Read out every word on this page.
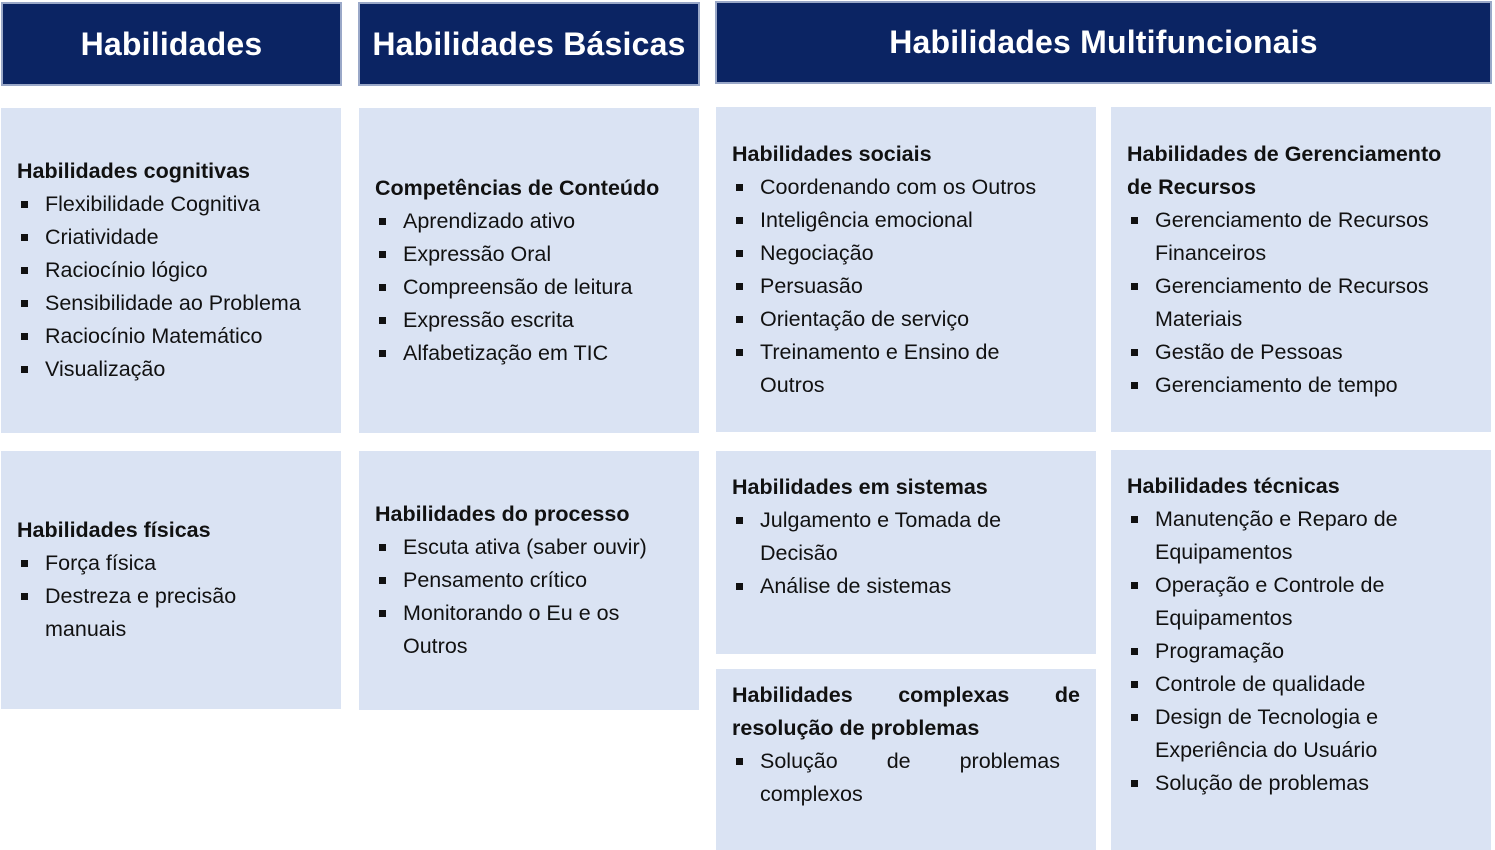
Habilidades	Habilidades Básicas	Habilidades Multifuncionais
Habilidades cognitivas
Flexibilidade Cognitiva
Criatividade
Raciocínio lógico
Sensibilidade ao Problema
Raciocínio Matemático
Visualização
Habilidades físicas
Força física
Destreza e precisão manuais
Competências de Conteúdo
Aprendizado ativo
Expressão Oral
Compreensão de leitura
Expressão escrita
Alfabetização em TIC
Habilidades do processo
Escuta ativa (saber ouvir)
Pensamento crítico
Monitorando o Eu e os Outros
Habilidades sociais
Coordenando com os Outros
Inteligência emocional
Negociação
Persuasão
Orientação de serviço
Treinamento e Ensino de Outros
Habilidades de Gerenciamento de Recursos
Gerenciamento de Recursos Financeiros
Gerenciamento de Recursos Materiais
Gestão de Pessoas
Gerenciamento de tempo
Habilidades em sistemas
Julgamento e Tomada de Decisão
Análise de sistemas
Habilidades complexas de resolução de problemas
Solução de problemas complexos
Habilidades técnicas
Manutenção e Reparo de Equipamentos
Operação e Controle de Equipamentos
Programação
Controle de qualidade
Design de Tecnologia e Experiência do Usuário
Solução de problemas
